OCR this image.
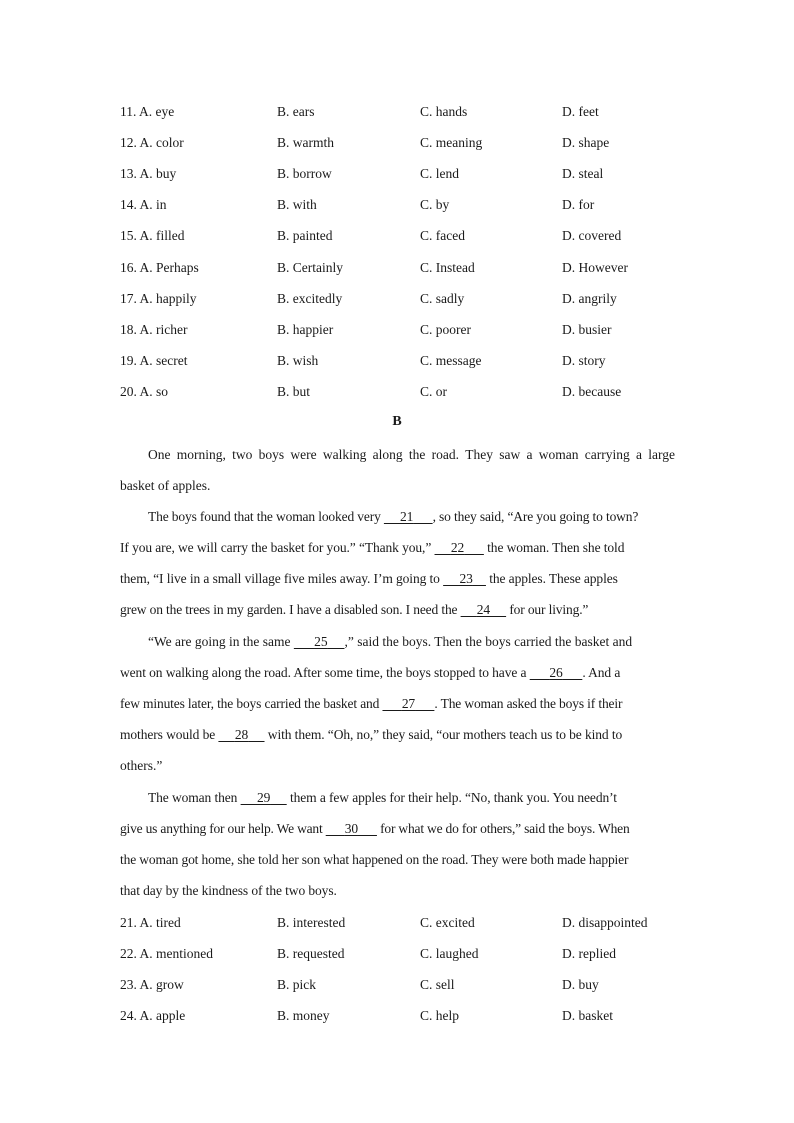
11. A. eye	B. ears	C. hands	D. feet
12. A. color	B. warmth	C. meaning	D. shape
13. A. buy	B. borrow	C. lend	D. steal
14. A. in	B. with	C. by	D. for
15. A. filled	B. painted	C. faced	D. covered
16. A. Perhaps	B. Certainly	C. Instead	D. However
17. A. happily	B. excitedly	C. sadly	D. angrily
18. A. richer	B. happier	C. poorer	D. busier
19. A. secret	B. wish	C. message	D. story
20. A. so	B. but	C. or	D. because
B
One morning, two boys were walking along the road. They saw a woman carrying a large
basket of apples.
The boys found that the woman looked very      21 , so they said, “Are you going to town?
If you are, we will carry the basket for you.” “Thank you,”      22       the woman. Then she told
them, “I live in a small village five miles away. I’m going to      23     the apples. These apples
grew on the trees in my garden. I have a disabled son. I need the      24      for our living.”
“We are going in the same       25 ,” said the boys. Then the boys carried the basket and
went on walking along the road. After some time, the boys stopped to have a       26 . And a
few minutes later, the boys carried the basket and       27 . The woman asked the boys if their
mothers would be      28      with them. “Oh, no,” they said, “our mothers teach us to be kind to
others.”
The woman then      29      them a few apples for their help. “No, thank you. You needn’t
give us anything for our help. We want       30       for what we do for others,” said the boys. When
the woman got home, she told her son what happened on the road. They were both made happier
that day by the kindness of the two boys.
21. A. tired	B. interested	C. excited	D. disappointed
22. A. mentioned	B. requested	C. laughed	D. replied
23. A. grow	B. pick	C. sell	D. buy
24. A. apple	B. money	C. help	D. basket
